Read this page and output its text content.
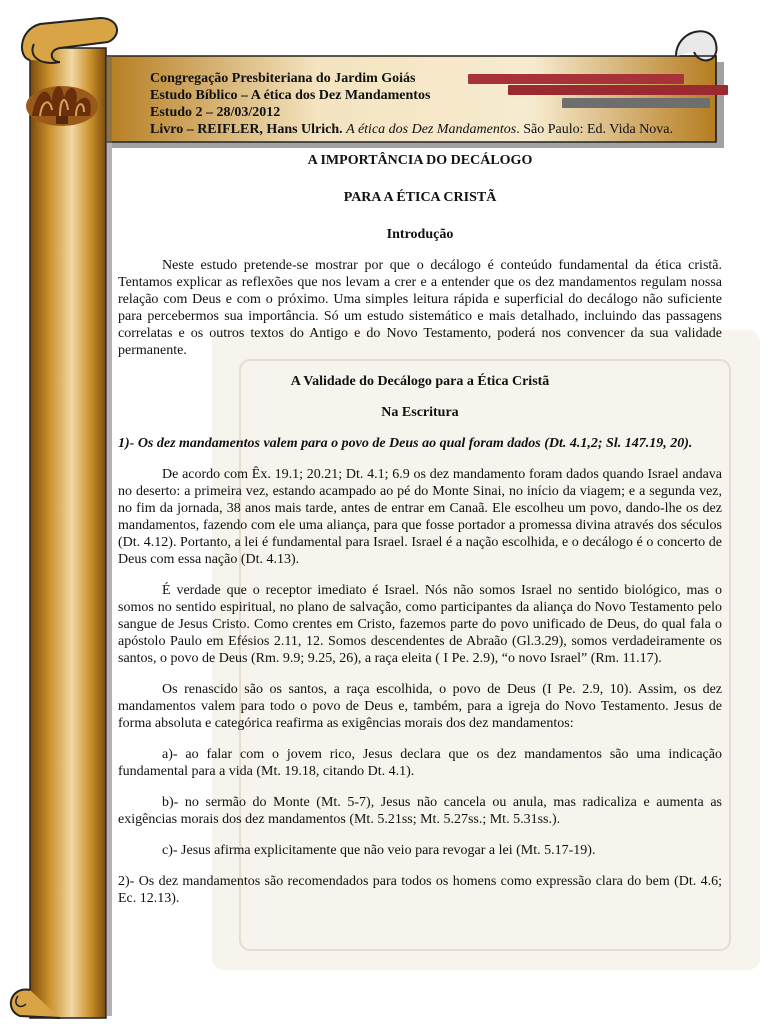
Congregação Presbiteriana do Jardim Goiás
Estudo Bíblico – A ética dos Dez Mandamentos
Estudo 2 – 28/03/2012
Livro – REIFLER, Hans Ulrich. A ética dos Dez Mandamentos. São Paulo: Ed. Vida Nova.
A IMPORTÂNCIA DO DECÁLOGO
PARA A ÉTICA CRISTÃ
Introdução

Neste estudo pretende-se mostrar por que o decálogo é conteúdo fundamental da ética cristã. Tentamos explicar as reflexões que nos levam a crer e a entender que os dez mandamentos regulam nossa relação com Deus e com o próximo. Uma simples leitura rápida e superficial do decálogo não suficiente para percebermos sua importância. Só um estudo sistemático e mais detalhado, incluindo das passagens correlatas e os outros textos do Antigo e do Novo Testamento, poderá nos convencer da sua validade permanente.

A Validade do Decálogo para a Ética Cristã
Na Escritura

1)- Os dez mandamentos valem para o povo de Deus ao qual foram dados (Dt. 4.1,2; Sl. 147.19, 20).

De acordo com Êx. 19.1; 20.21; Dt. 4.1; 6.9 os dez mandamento foram dados quando Israel andava no deserto: a primeira vez, estando acampado ao pé do Monte Sinai, no início da viagem; e a segunda vez, no fim da jornada, 38 anos mais tarde, antes de entrar em Canaã. Ele escolheu um povo, dando-lhe os dez mandamentos, fazendo com ele uma aliança, para que fosse portador a promessa divina através dos séculos (Dt. 4.12). Portanto, a lei é fundamental para Israel. Israel é a nação escolhida, e o decálogo é o concerto de Deus com essa nação (Dt. 4.13).

É verdade que o receptor imediato é Israel. Nós não somos Israel no sentido biológico, mas o somos no sentido espiritual, no plano de salvação, como participantes da aliança do Novo Testamento pelo sangue de Jesus Cristo. Como crentes em Cristo, fazemos parte do povo unificado de Deus, do qual fala o apóstolo Paulo em Efésios 2.11, 12. Somos descendentes de Abraão (Gl.3.29), somos verdadeiramente os santos, o povo de Deus (Rm. 9.9; 9.25, 26), a raça eleita ( I Pe. 2.9), “o novo Israel” (Rm. 11.17).

Os renascido são os santos, a raça escolhida, o povo de Deus (I Pe. 2.9, 10). Assim, os dez mandamentos valem para todo o povo de Deus e, também, para a igreja do Novo Testamento. Jesus de forma absoluta e categórica reafirma as exigências morais dos dez mandamentos:

a)- ao falar com o jovem rico, Jesus declara que os dez mandamentos são uma indicação fundamental para a vida (Mt. 19.18, citando Dt. 4.1).

b)- no sermão do Monte (Mt. 5-7), Jesus não cancela ou anula, mas radicaliza e aumenta as exigências morais dos dez mandamentos (Mt. 5.21ss; Mt. 5.27ss.; Mt. 5.31ss.).

c)- Jesus afirma explicitamente que não veio para revogar a lei (Mt. 5.17-19).

2)- Os dez mandamentos são recomendados para todos os homens como expressão clara do bem (Dt. 4.6; Ec. 12.13).
